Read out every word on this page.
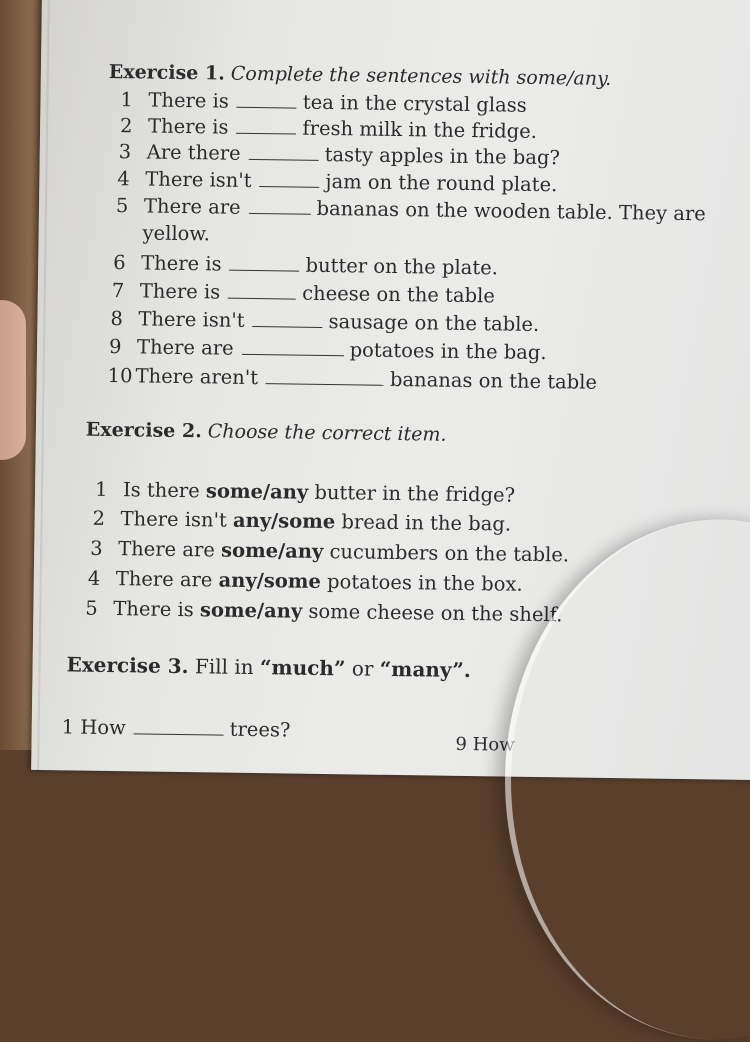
Exercise 1. Complete the sentences with some/any.
1 There is	tea in the crystal glass
2 There is	fresh milk in the fridge.
3 Are there	tasty apples in the bag?
4 There isn't	jam on the round plate.
5 There are	bananas on the wooden table. They are
yellow.
6 There is	butter on the plate.
7 There is	cheese on the table
8 There isn't	sausage on the table.
9 There are	potatoes in the bag.
10 There aren't	bananas on the table
Exercise 2. Choose the correct item.
1 Is there
some/any
butter in the fridge?
2 There isn't
any/some
bread in the bag.
3 There are
some/any
cucumbers on the table.
4 There are
any/some
potatoes in the box.
5 There is
some/any
some cheese on the shelf.
Exercise 3.
Fill in
“much”
or
“many” .
1 How	trees?
9 How
